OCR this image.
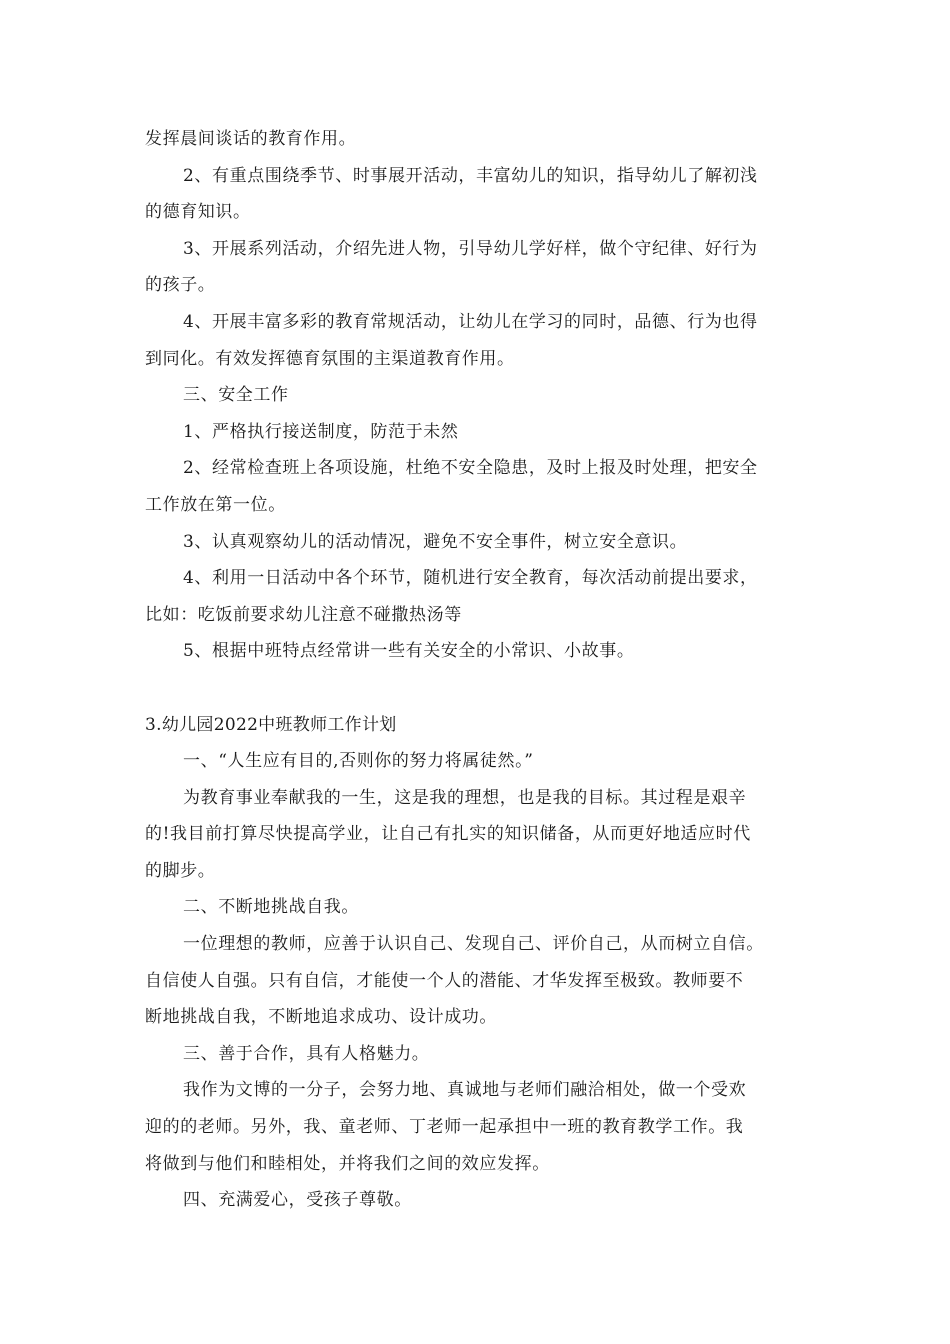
发挥晨间谈话的教育作用。
2、有重点围绕季节、时事展开活动，丰富幼儿的知识，指导幼儿了解初浅
的德育知识。
3、开展系列活动，介绍先进人物，引导幼儿学好样，做个守纪律、好行为
的孩子。
4、开展丰富多彩的教育常规活动，让幼儿在学习的同时，品德、行为也得
到同化。有效发挥德育氛围的主渠道教育作用。
三、安全工作
1、严格执行接送制度，防范于未然
2、经常检查班上各项设施，杜绝不安全隐患，及时上报及时处理，把安全
工作放在第一位。
3、认真观察幼儿的活动情况，避免不安全事件，树立安全意识。
4、利用一日活动中各个环节，随机进行安全教育，每次活动前提出要求，
比如：吃饭前要求幼儿注意不碰撒热汤等
5、根据中班特点经常讲一些有关安全的小常识、小故事。
3.幼儿园2022中班教师工作计划
一、“人生应有目的,否则你的努力将属徒然。”
为教育事业奉献我的一生，这是我的理想，也是我的目标。其过程是艰辛
的!我目前打算尽快提高学业，让自己有扎实的知识储备，从而更好地适应时代
的脚步。
二、不断地挑战自我。
一位理想的教师，应善于认识自己、发现自己、评价自己，从而树立自信。
自信使人自强。只有自信，才能使一个人的潜能、才华发挥至极致。教师要不
断地挑战自我，不断地追求成功、设计成功。
三、善于合作，具有人格魅力。
我作为文博的一分子，会努力地、真诚地与老师们融洽相处，做一个受欢
迎的的老师。另外，我、童老师、丁老师一起承担中一班的教育教学工作。我
将做到与他们和睦相处，并将我们之间的效应发挥。
四、充满爱心，受孩子尊敬。
